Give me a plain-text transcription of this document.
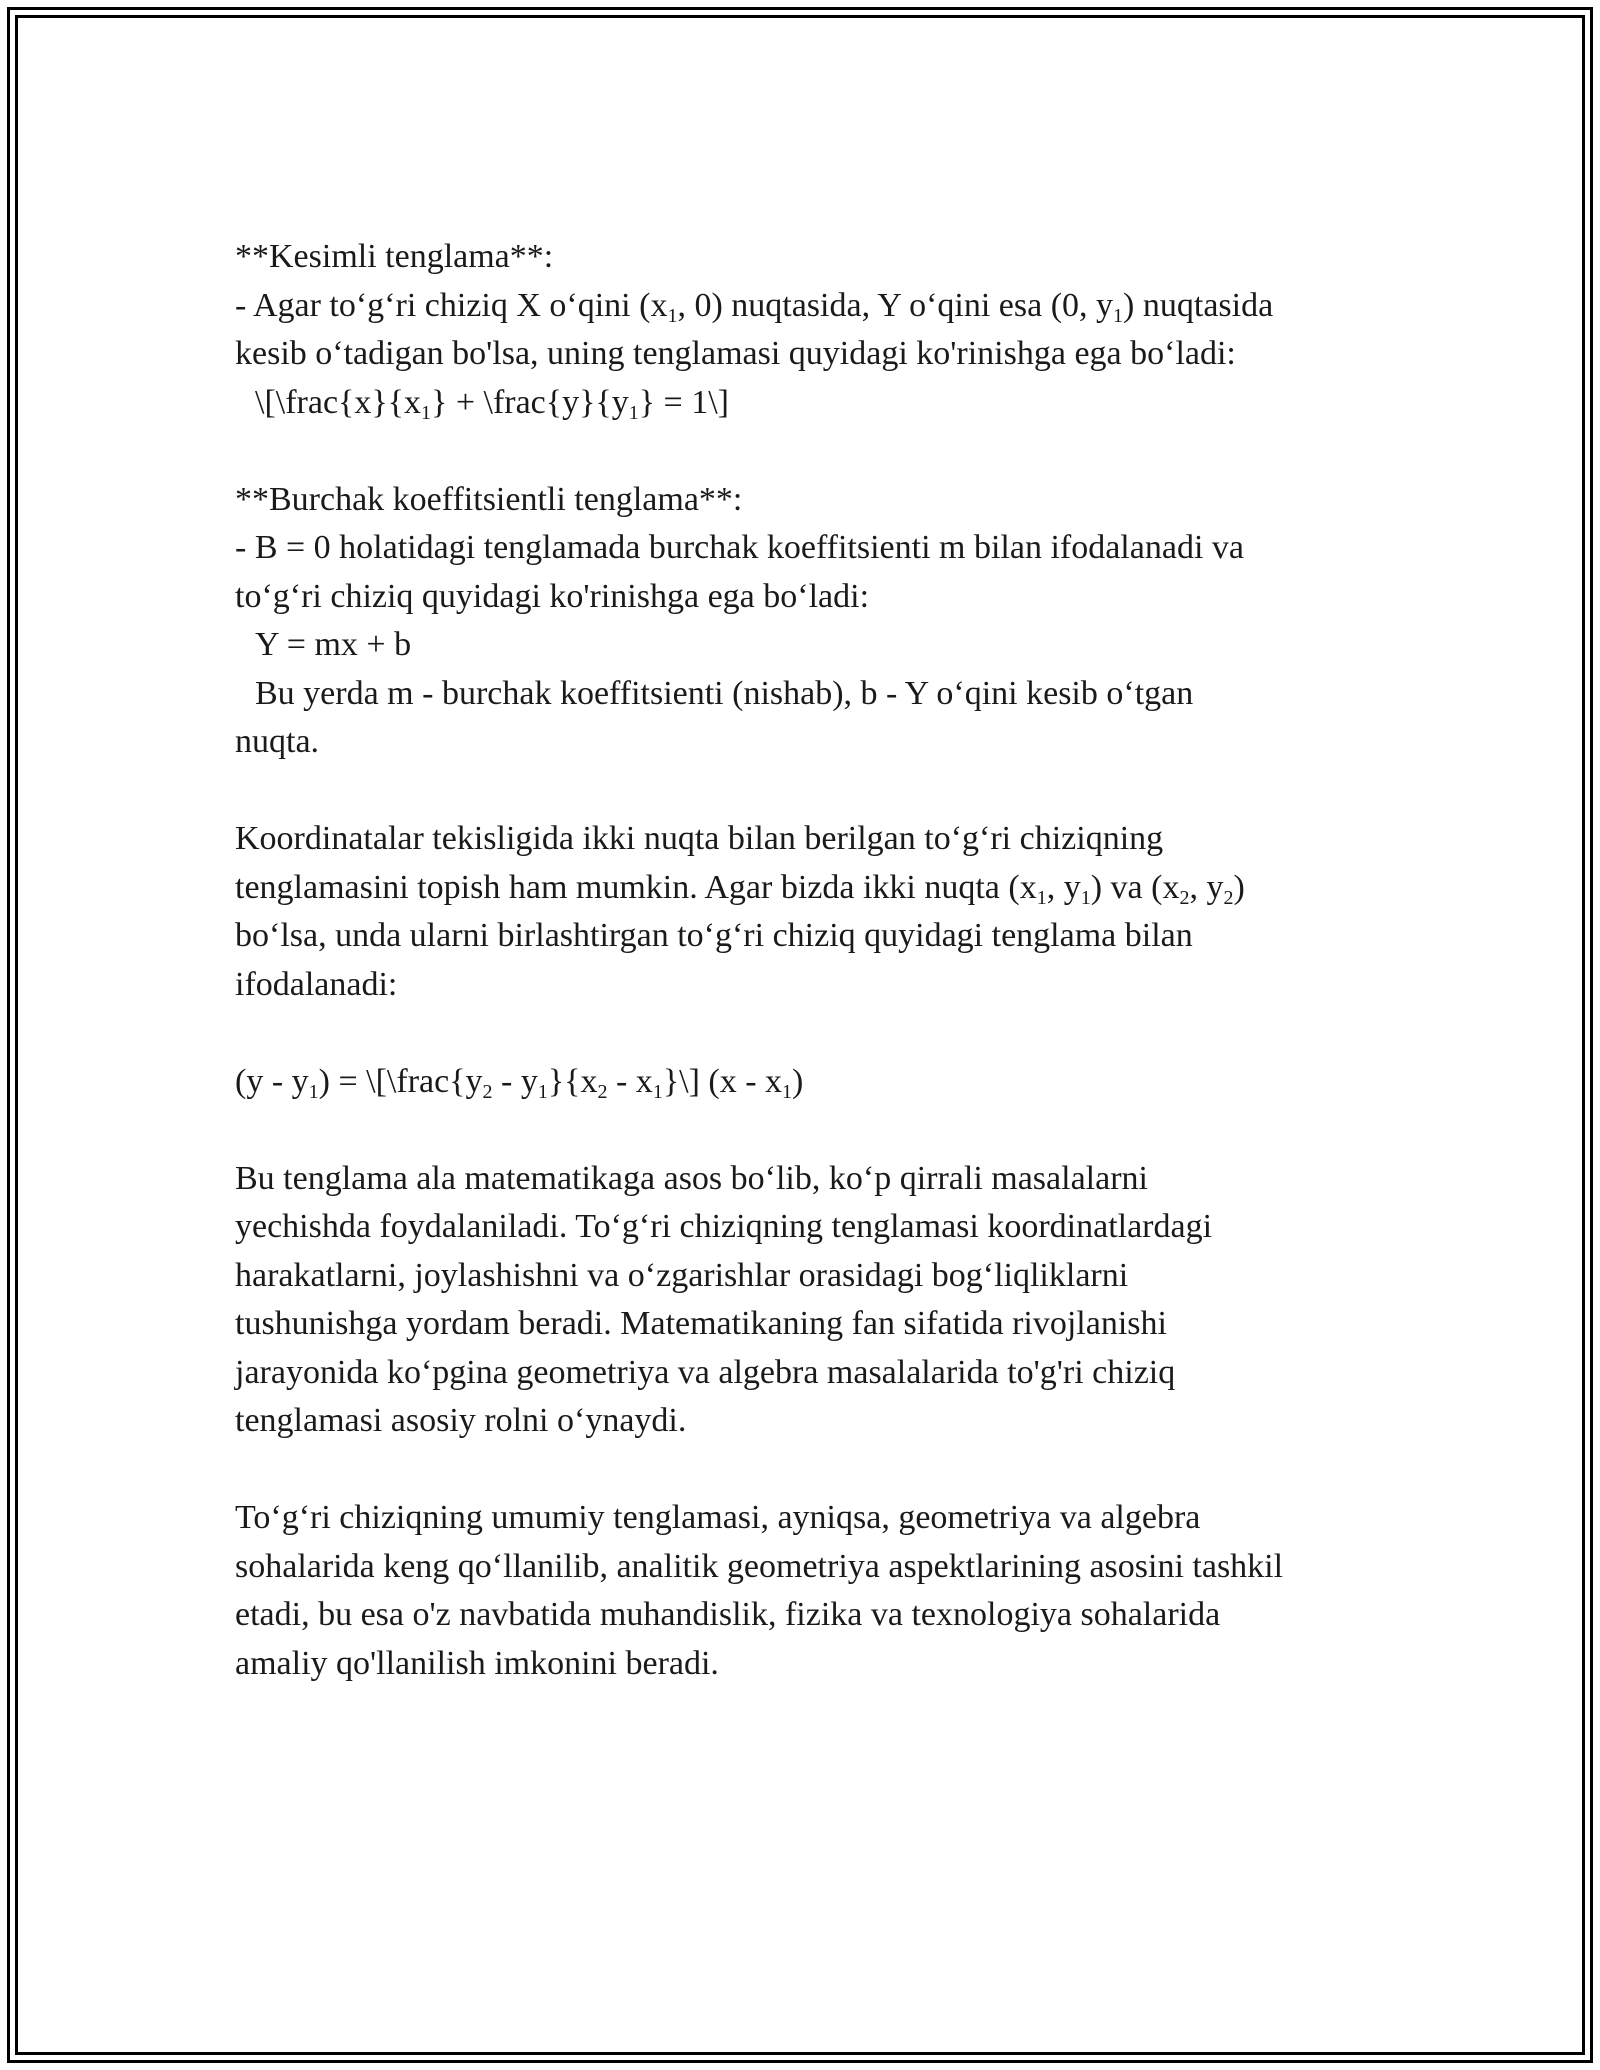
**Kesimli tenglama**:
- Agar to‘g‘ri chiziq X o‘qini ($x_1$, 0) nuqtasida, Y o‘qini esa (0, $y_1$) nuqtasida
kesib o‘tadigan bo'lsa, uning tenglamasi quyidagi ko'rinishga ega bo‘ladi:
$\backslash[\backslash frac\{x\}\{x_1\}$ + $\backslash frac\{y\}\{y_1\}$ = 1\]
**Burchak koeffitsientli tenglama**:
- B = 0 holatidagi tenglamada burchak koeffitsienti m bilan ifodalanadi va
to‘g‘ri chiziq quyidagi ko'rinishga ega bo‘ladi:
Y = mx + b
Bu yerda m - burchak koeffitsienti (nishab), b - Y o‘qini kesib o‘tgan
nuqta.
Koordinatalar tekisligida ikki nuqta bilan berilgan to‘g‘ri chiziqning
tenglamasini topish ham mumkin. Agar bizda ikki nuqta ($x_1$, $y_1$) va ($x_2$, $y_2$)
bo‘lsa, unda ularni birlashtirgan to‘g‘ri chiziq quyidagi tenglama bilan
ifodalanadi:
$(y - y_1)$ = $\backslash[\backslash frac\{y_2 - y_1\}\{x_2$ - $x_1\}\backslash$] $(x - x_1)$
Bu tenglama ala matematikaga asos bo‘lib, ko‘p qirrali masalalarni
yechishda foydalaniladi. To‘g‘ri chiziqning tenglamasi koordinatlardagi
harakatlarni, joylashishni va o‘zgarishlar orasidagi bog‘liqliklarni
tushunishga yordam beradi. Matematikaning fan sifatida rivojlanishi
jarayonida ko‘pgina geometriya va algebra masalalarida to'g'ri chiziq
tenglamasi asosiy rolni o‘ynaydi.
To‘g‘ri chiziqning umumiy tenglamasi, ayniqsa, geometriya va algebra
sohalarida keng qo‘llanilib, analitik geometriya aspektlarining asosini tashkil
etadi, bu esa o'z navbatida muhandislik, fizika va texnologiya sohalarida
amaliy qo'llanilish imkonini beradi.
